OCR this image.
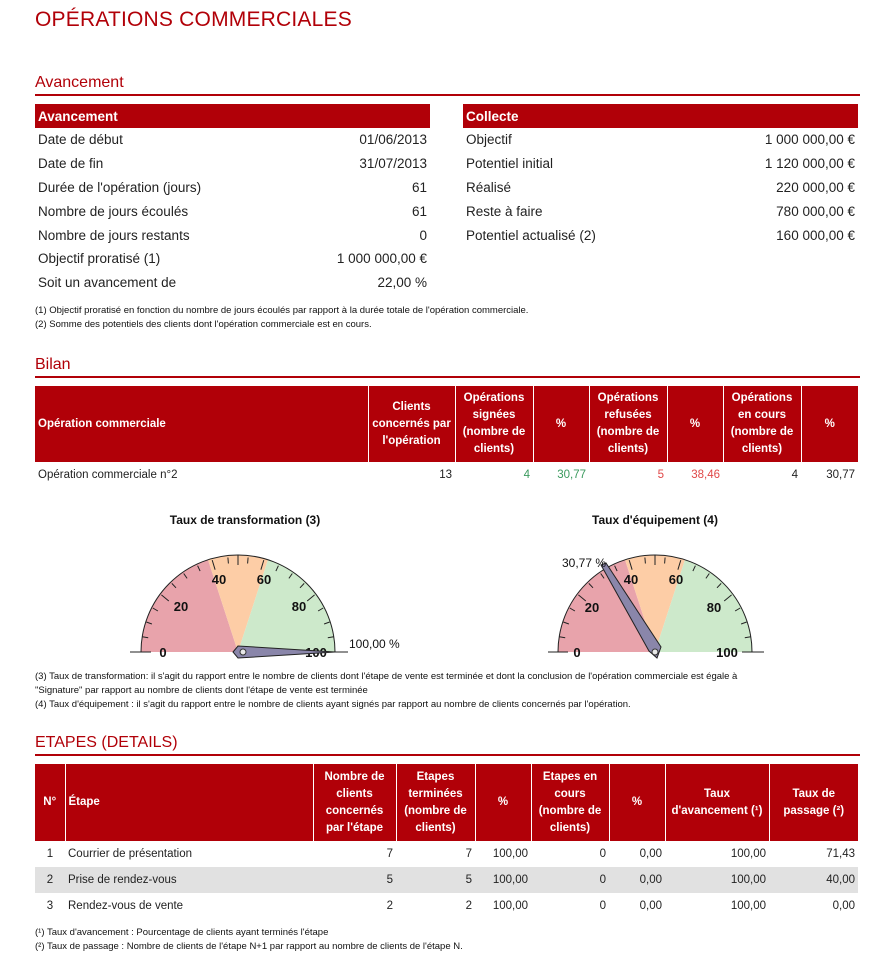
OPÉRATIONS COMMERCIALES
Avancement
Avancement	
Date de début	01/06/2013
Date de fin	31/07/2013
Durée de l'opération (jours)	61
Nombre de jours écoulés	61
Nombre de jours restants	0
Objectif proratisé (1)	1 000 000,00 €
Soit un avancement de	22,00 %
Collecte	
Objectif	1 000 000,00 €
Potentiel initial	1 120 000,00 €
Réalisé	220 000,00 €
Reste à faire	780 000,00 €
Potentiel actualisé (2)	160 000,00 €
(1) Objectif proratisé en fonction du nombre de jours écoulés par rapport à la durée totale de l'opération commerciale.
(2) Somme des potentiels des clients dont l'opération commerciale est en cours.
Bilan
Opération commerciale	Clients concernés par l'opération	Opérations signées (nombre de clients)	%	Opérations refusées (nombre de clients)	%	Opérations en cours (nombre de clients)	%
Opération commerciale n°2	13	4	30,77	5	38,46	4	30,77
Taux de transformation (3)
0
20
40 60
80
100,00 %
Taux d'équipement (4)
0
20
40 60
80
100
30,77 %
(3) Taux de transformation: il s'agit du rapport entre le nombre de clients dont l'étape de vente est terminée et dont la conclusion de l'opération commerciale est égale à
"Signature" par rapport au nombre de clients dont l'étape de vente est terminée
(4) Taux d'équipement : il s'agit du rapport entre le nombre de clients ayant signés par rapport au nombre de clients concernés par l'opération.
ETAPES (DETAILS)
N°	Étape	Nombre de clients concernés par l'étape	Etapes terminées (nombre de clients)	%	Etapes en cours (nombre de clients)	%	Taux d'avancement (¹)	Taux de passage (²)
1	Courrier de présentation	7	7	100,00	0	0,00	100,00	71,43
2	Prise de rendez-vous	5	5	100,00	0	0,00	100,00	40,00
3	Rendez-vous de vente	2	2	100,00	0	0,00	100,00	0,00
(¹) Taux d'avancement : Pourcentage de clients ayant terminés l'étape
(²) Taux de passage : Nombre de clients de l'étape N+1 par rapport au nombre de clients de l'étape N.
